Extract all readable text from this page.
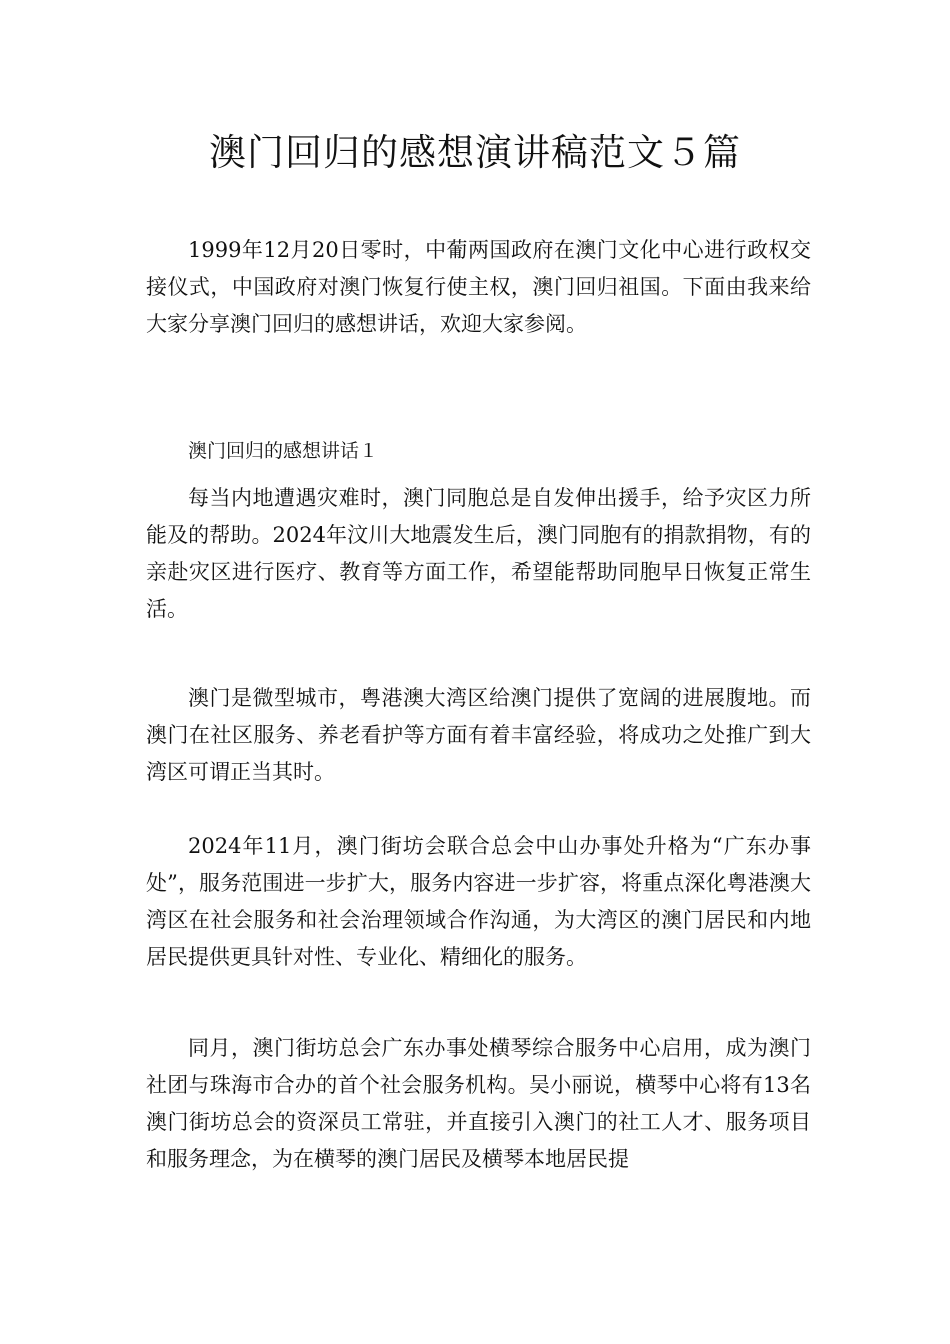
澳门回归的感想演讲稿范文５篇

1999年12月20日零时，中葡两国政府在澳门文化中心进行政权交接仪式，中国政府对澳门恢复行使主权，澳门回归祖国。下面由我来给大家分享澳门回归的感想讲话，欢迎大家参阅。

澳门回归的感想讲话１

每当内地遭遇灾难时，澳门同胞总是自发伸出援手，给予灾区力所能及的帮助。2024年汶川大地震发生后，澳门同胞有的捐款捐物，有的亲赴灾区进行医疗、教育等方面工作，希望能帮助同胞早日恢复正常生活。

澳门是微型城市，粤港澳大湾区给澳门提供了宽阔的进展腹地。而澳门在社区服务、养老看护等方面有着丰富经验，将成功之处推广到大湾区可谓正当其时。

2024年11月，澳门街坊会联合总会中山办事处升格为“广东办事处”，服务范围进一步扩大，服务内容进一步扩容，将重点深化粤港澳大湾区在社会服务和社会治理领域合作沟通，为大湾区的澳门居民和内地居民提供更具针对性、专业化、精细化的服务。

同月，澳门街坊总会广东办事处横琴综合服务中心启用，成为澳门社团与珠海市合办的首个社会服务机构。吴小丽说，横琴中心将有13名澳门街坊总会的资深员工常驻，并直接引入澳门的社工人才、服务项目和服务理念，为在横琴的澳门居民及横琴本地居民提
